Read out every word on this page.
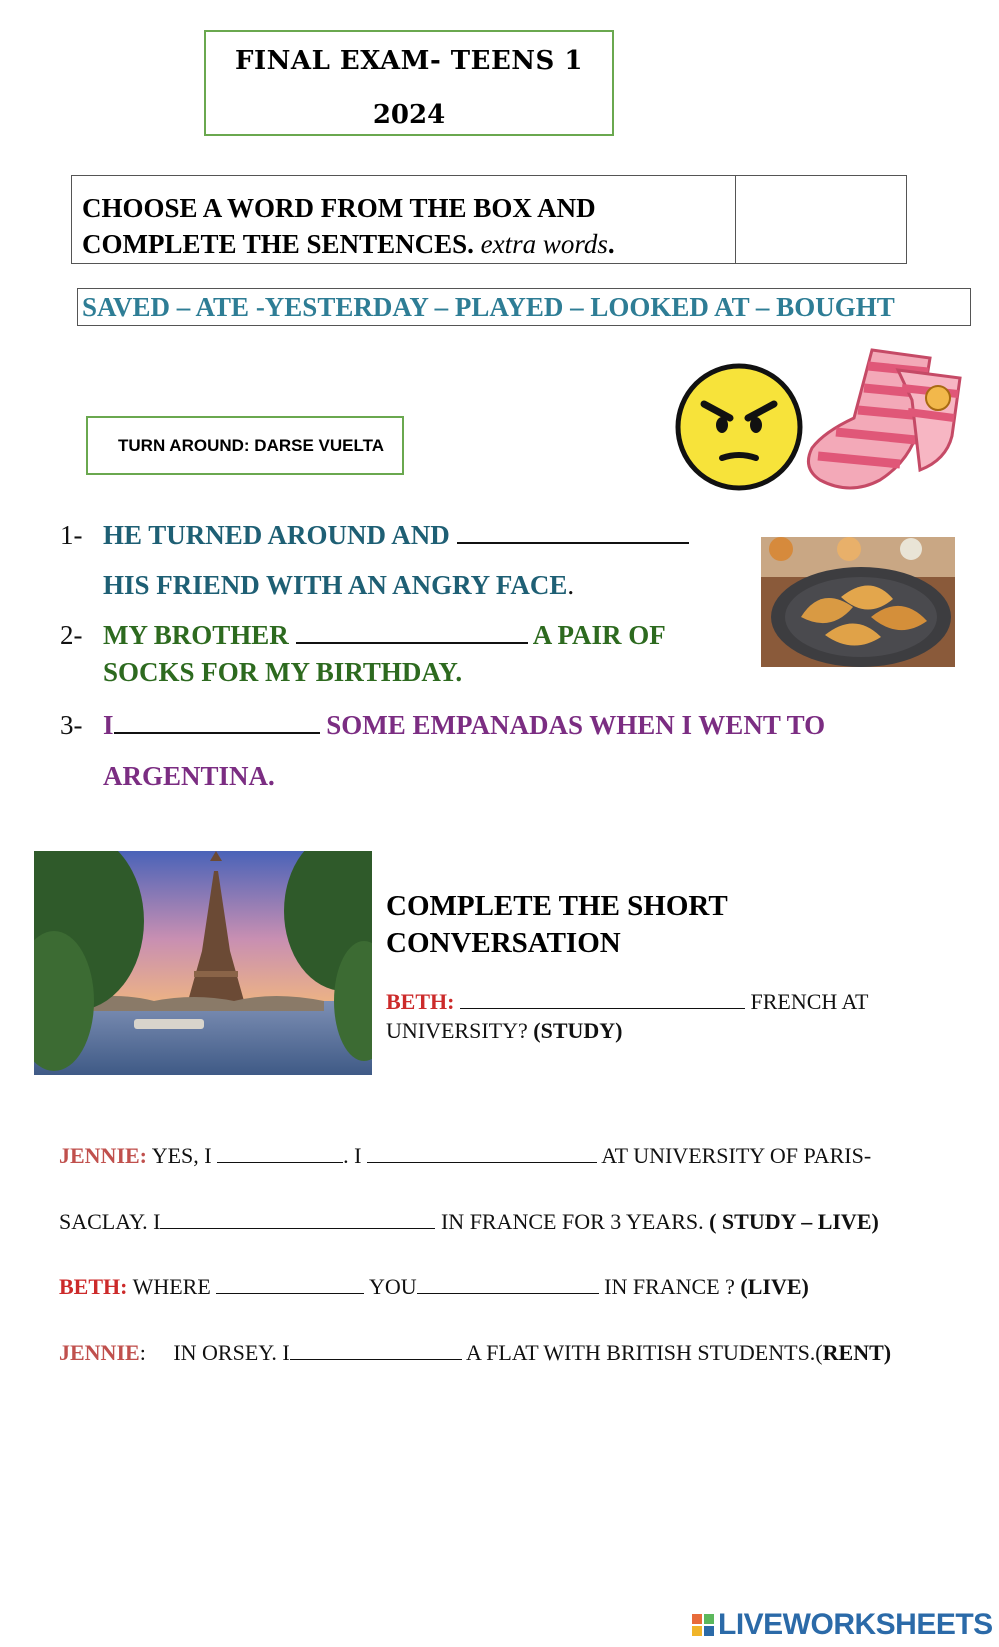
FINAL EXAM- TEENS 1
2024
CHOOSE A WORD FROM THE BOX AND COMPLETE THE SENTENCES. extra words.
SAVED – ATE -YESTERDAY – PLAYED – LOOKED AT – BOUGHT
TURN AROUND: DARSE VUELTA
1- HE TURNED AROUND AND
HIS FRIEND WITH AN ANGRY FACE.
2- MY BROTHER	A PAIR OF
SOCKS FOR MY BIRTHDAY.
3- I	SOME EMPANADAS WHEN I WENT TO
ARGENTINA.
COMPLETE THE SHORT CONVERSATION
BETH:	FRENCH AT
UNIVERSITY? (STUDY)
JENNIE: YES, I	. I	AT UNIVERSITY OF PARIS-
SACLAY. I	IN FRANCE FOR 3 YEARS. ( STUDY – LIVE)
BETH: WHERE	YOU	IN FRANCE ? (LIVE)
JENNIE: IN ORSEY. I	A FLAT WITH BRITISH STUDENTS.(RENT)
LIVEWORKSHEETS
